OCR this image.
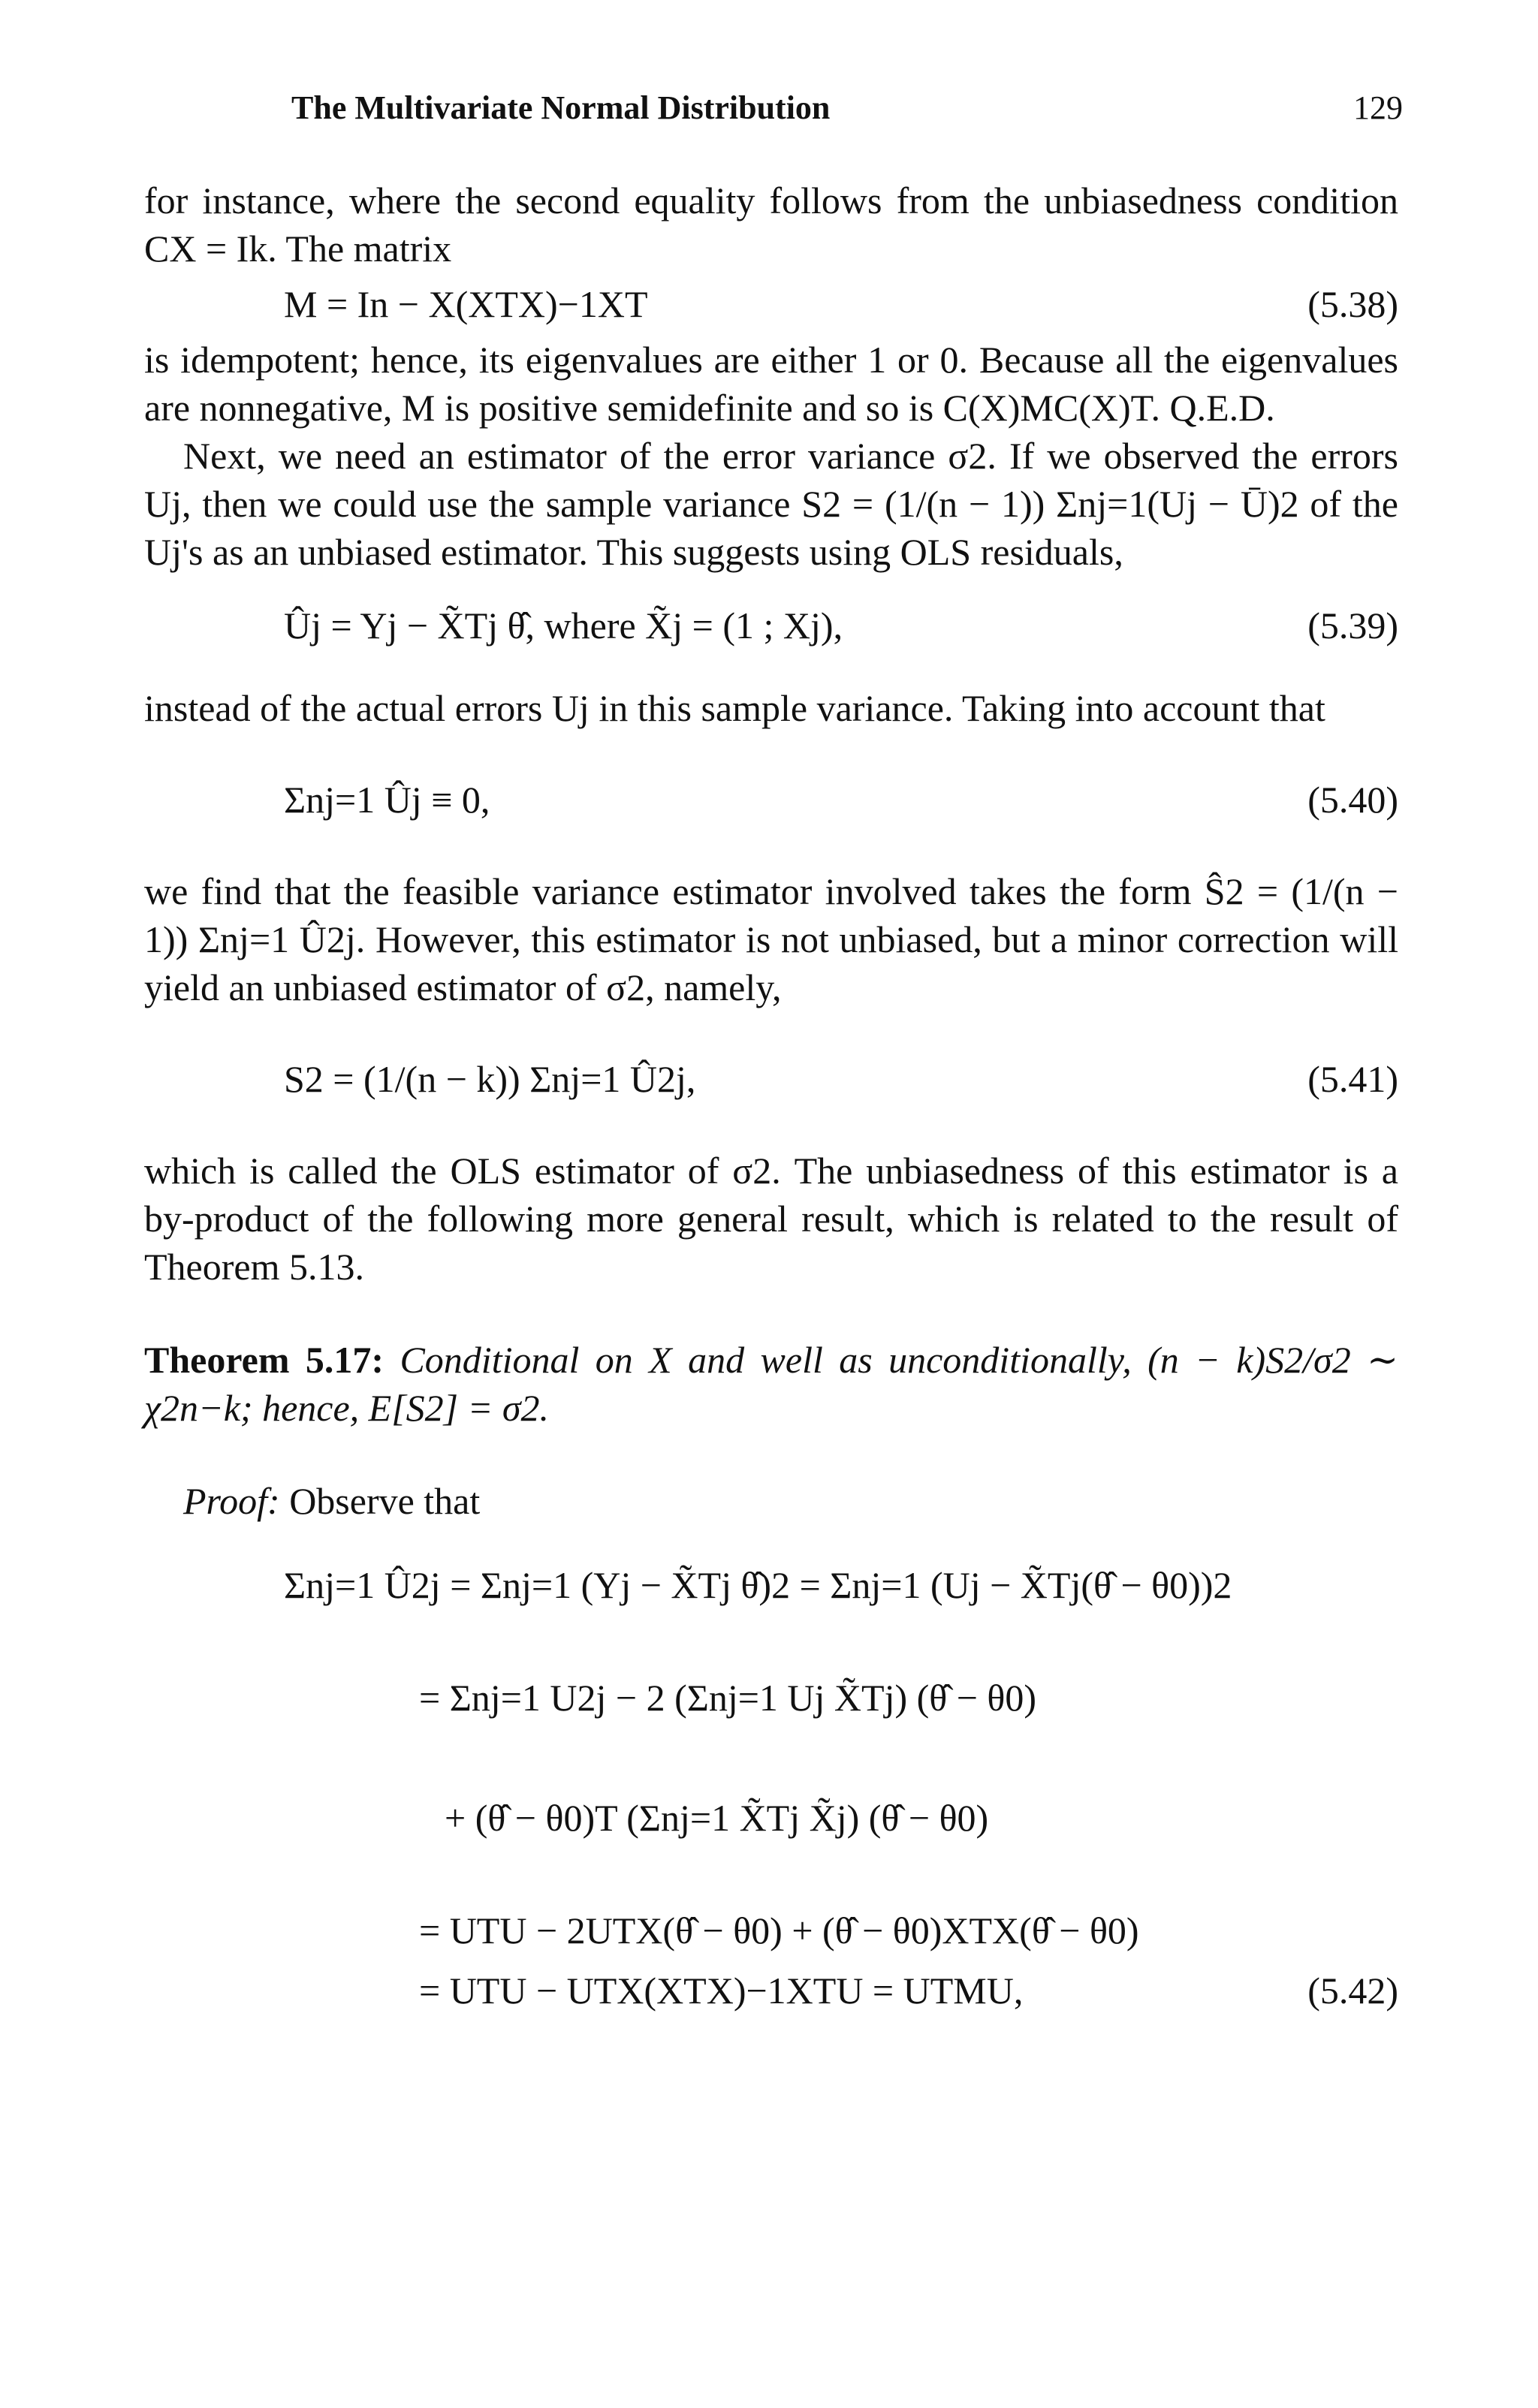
The Multivariate Normal Distribution	129

for instance, where the second equality follows from the unbiasedness condition CX = Ik. The matrix

M = In − X(XTX)−1XT	(5.38)

is idempotent; hence, its eigenvalues are either 1 or 0. Because all the eigenvalues are nonnegative, M is positive semidefinite and so is C(X)MC(X)T. Q.E.D.

Next, we need an estimator of the error variance σ2. If we observed the errors Uj, then we could use the sample variance S2 = (1/(n − 1)) Σnj=1(Uj − Ū)2 of the Uj's as an unbiased estimator. This suggests using OLS residuals,

Ûj = Yj − X̃Tj θ̂, where X̃j = (1 ; Xj),	(5.39)

instead of the actual errors Uj in this sample variance. Taking into account that

Σnj=1 Ûj ≡ 0,	(5.40)

we find that the feasible variance estimator involved takes the form Ŝ2 = (1/(n − 1)) Σnj=1 Û2j. However, this estimator is not unbiased, but a minor correction will yield an unbiased estimator of σ2, namely,

S2 = (1/(n − k)) Σnj=1 Û2j,	(5.41)

which is called the OLS estimator of σ2. The unbiasedness of this estimator is a by-product of the following more general result, which is related to the result of Theorem 5.13.

Theorem 5.17: Conditional on X and well as unconditionally, (n − k)S2/σ2 ∼ χ2n−k; hence, E[S2] = σ2.

Proof: Observe that

Σnj=1 Û2j = Σnj=1 (Yj − X̃Tj θ̂)2 = Σnj=1 (Uj − X̃Tj(θ̂ − θ0))2
= Σnj=1 U2j − 2 (Σnj=1 Uj X̃Tj) (θ̂ − θ0)
+ (θ̂ − θ0)T (Σnj=1 X̃Tj X̃j) (θ̂ − θ0)
= UTU − 2UTX(θ̂ − θ0) + (θ̂ − θ0)XTX(θ̂ − θ0)
= UTU − UTX(XTX)−1XTU = UTMU,	(5.42)
